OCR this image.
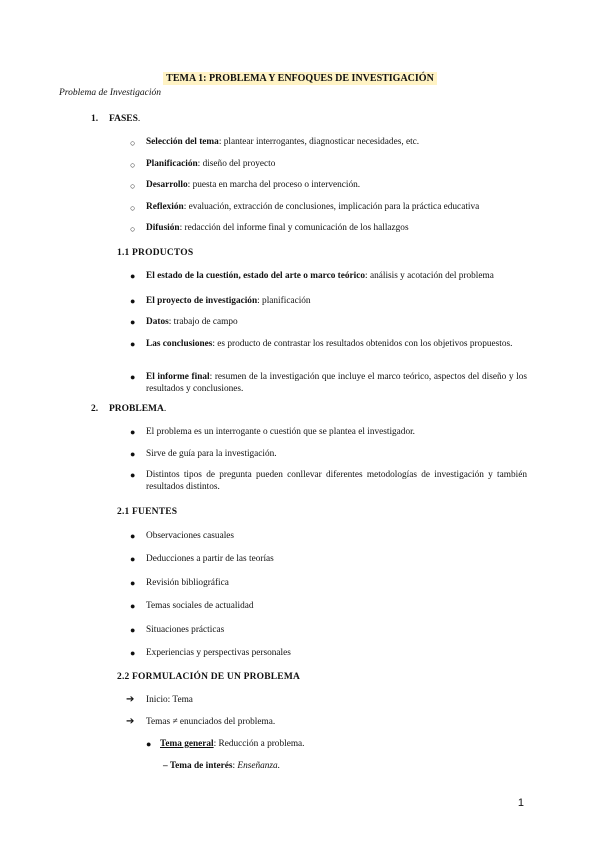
TEMA 1: PROBLEMA Y ENFOQUES DE INVESTIGACIÓN
Problema de Investigación
1. FASES.
○ Selección del tema: plantear interrogantes, diagnosticar necesidades, etc.
○ Planificación: diseño del proyecto
○ Desarrollo: puesta en marcha del proceso o intervención.
○ Reflexión: evaluación, extracción de conclusiones, implicación para la práctica educativa
○ Difusión: redacción del informe final y comunicación de los hallazgos
1.1 PRODUCTOS
● El estado de la cuestión, estado del arte o marco teórico: análisis y acotación del problema
● El proyecto de investigación: planificación
● Datos: trabajo de campo
● Las conclusiones: es producto de contrastar los resultados obtenidos con los objetivos propuestos.
● El informe final: resumen de la investigación que incluye el marco teórico, aspectos del diseño y los resultados y conclusiones.
2. PROBLEMA.
● El problema es un interrogante o cuestión que se plantea el investigador.
● Sirve de guía para la investigación.
● Distintos tipos de pregunta pueden conllevar diferentes metodologías de investigación y también resultados distintos.
2.1 FUENTES
● Observaciones casuales
● Deducciones a partir de las teorías
● Revisión bibliográfica
● Temas sociales de actualidad
● Situaciones prácticas
● Experiencias y perspectivas personales
2.2 FORMULACIÓN DE UN PROBLEMA
➔ Inicio: Tema
➔ Temas ≠ enunciados del problema.
● Tema general: Reducción a problema.
– Tema de interés: Enseñanza.
1
